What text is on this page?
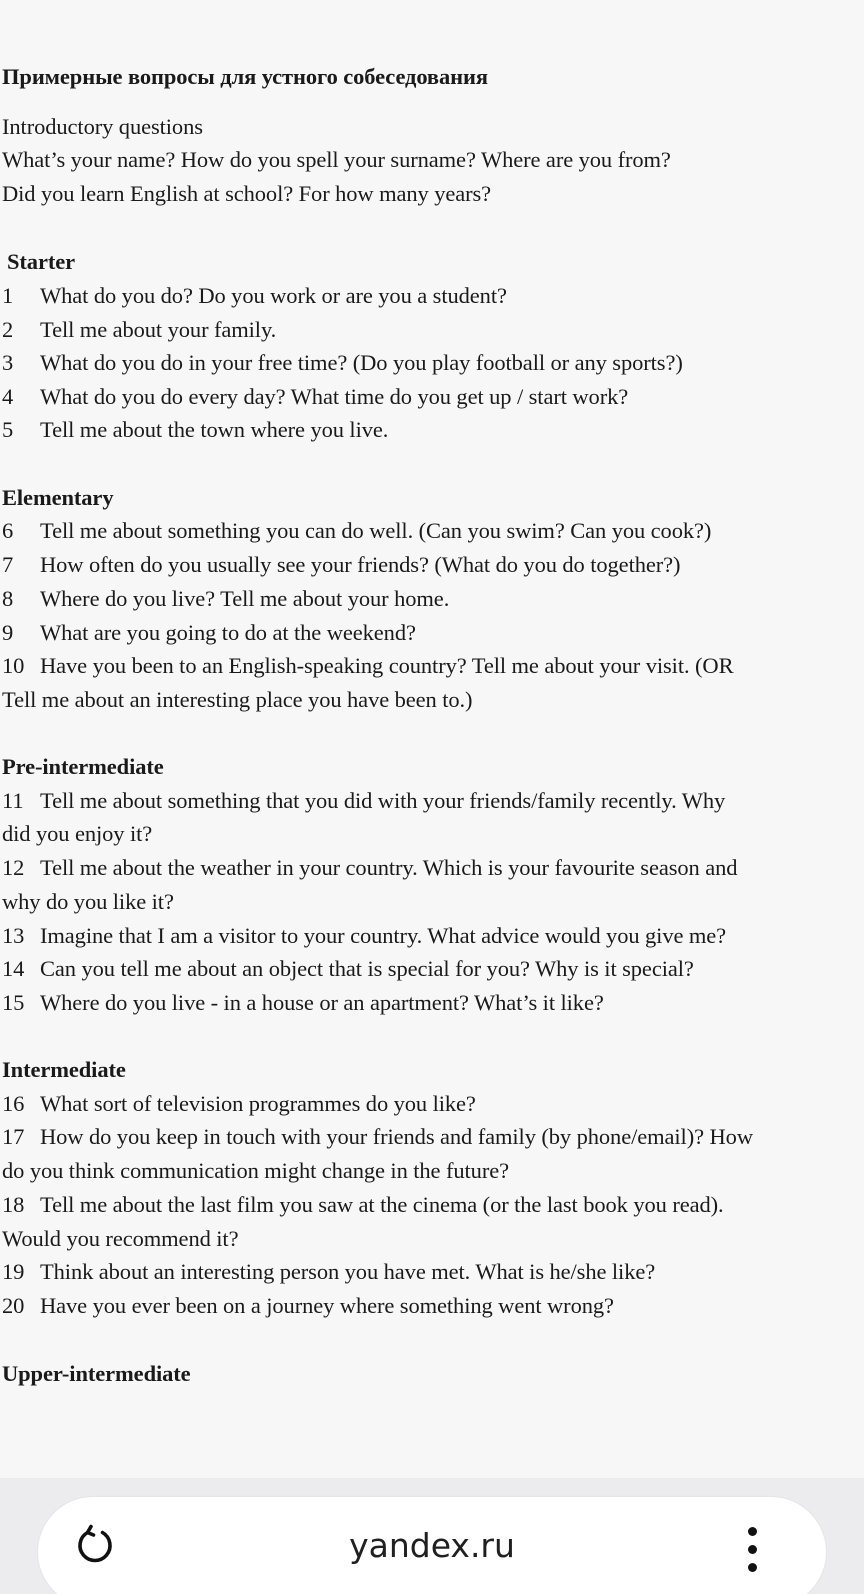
Примерные вопросы для устного собеседования
Introductory questions
What’s your name? How do you spell your surname? Where are you from?
Did you learn English at school? For how many years?
Starter
1 What do you do? Do you work or are you a student?
2 Tell me about your family.
3 What do you do in your free time? (Do you play football or any sports?)
4 What do you do every day? What time do you get up / start work?
5 Tell me about the town where you live.
Elementary
6 Tell me about something you can do well. (Can you swim? Can you cook?)
7 How often do you usually see your friends? (What do you do together?)
8 Where do you live? Tell me about your home.
9 What are you going to do at the weekend?
10 Have you been to an English-speaking country? Tell me about your visit. (OR
Tell me about an interesting place you have been to.)
Pre-intermediate
11 Tell me about something that you did with your friends/family recently. Why
did you enjoy it?
12 Tell me about the weather in your country. Which is your favourite season and
why do you like it?
13 Imagine that I am a visitor to your country. What advice would you give me?
14 Can you tell me about an object that is special for you? Why is it special?
15 Where do you live - in a house or an apartment? What’s it like?
Intermediate
16 What sort of television programmes do you like?
17 How do you keep in touch with your friends and family (by phone/email)? How
do you think communication might change in the future?
18 Tell me about the last film you saw at the cinema (or the last book you read).
Would you recommend it?
19 Think about an interesting person you have met. What is he/she like?
20 Have you ever been on a journey where something went wrong?
Upper-intermediate
yandex.ru
